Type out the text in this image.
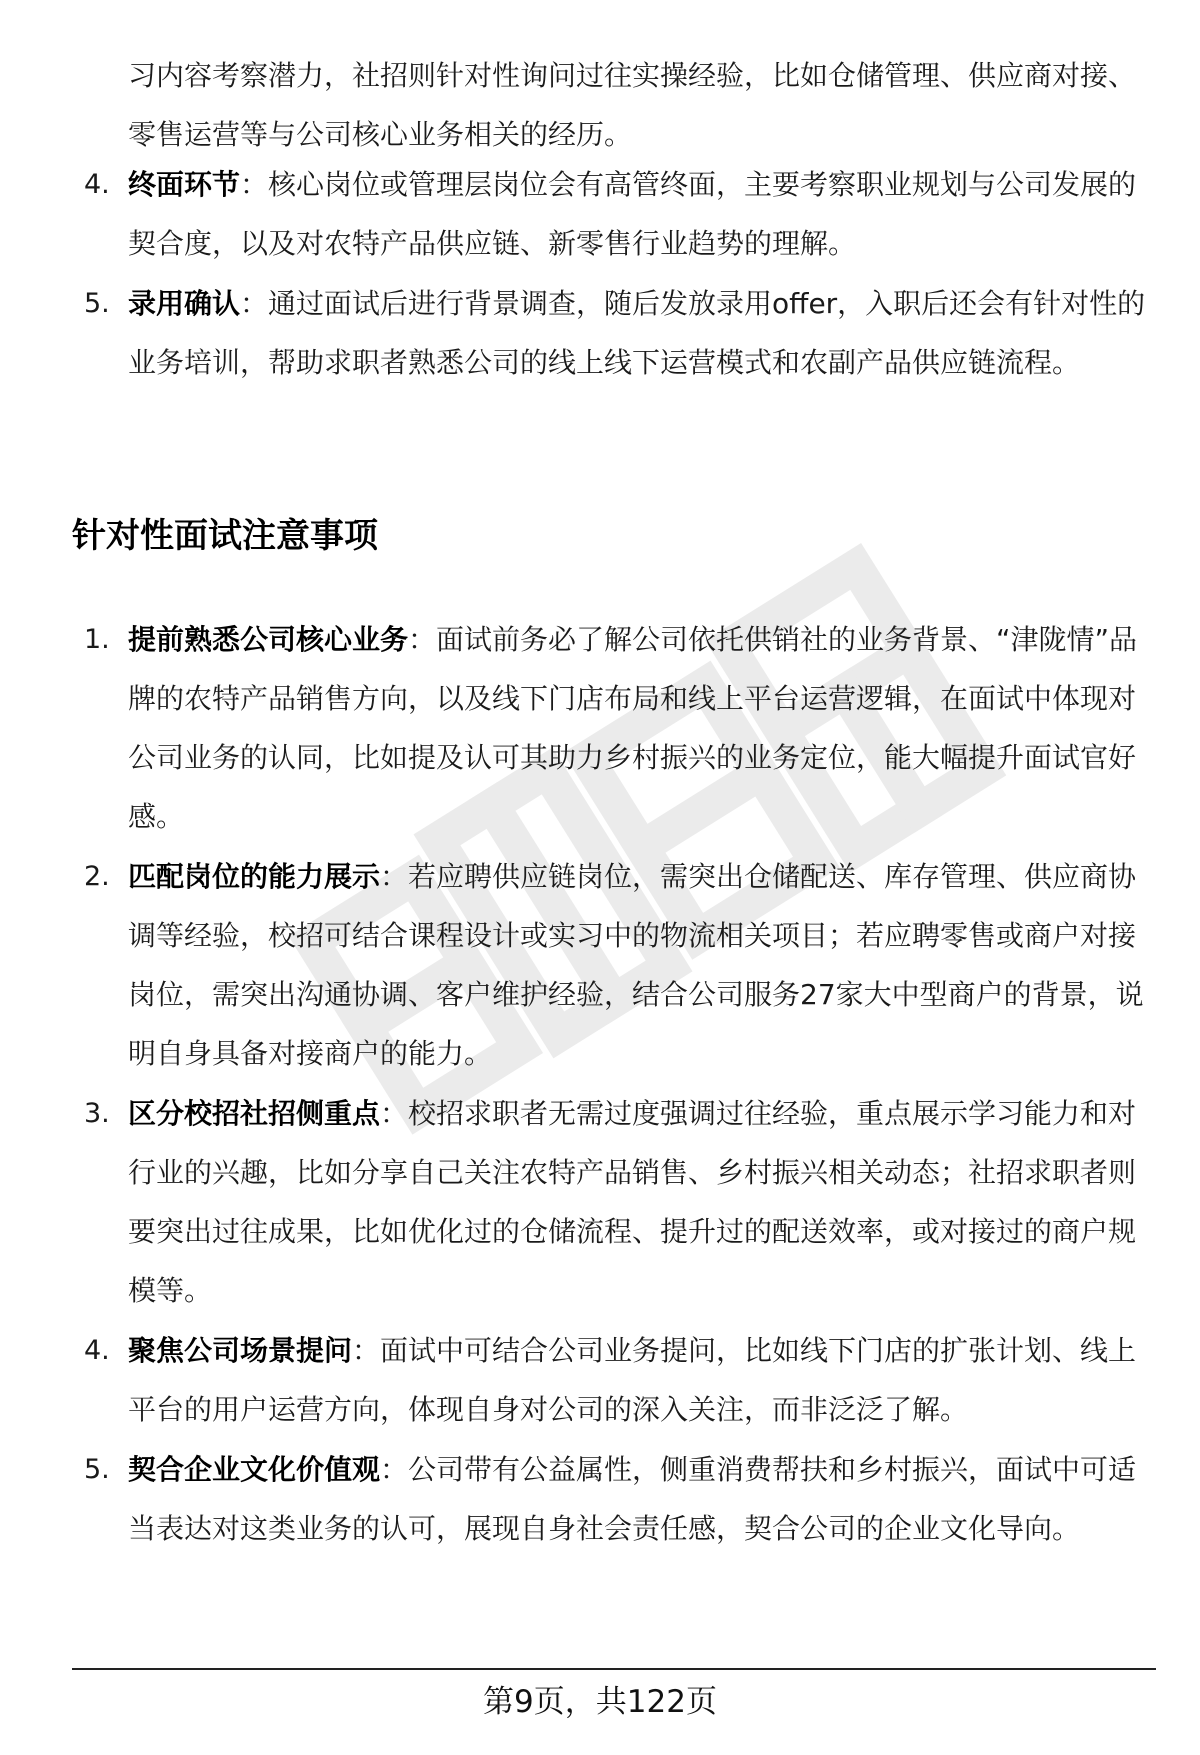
习内容考察潜力，社招则针对性询问过往实操经验，比如仓储管理、供应商对接、零售运营等与公司核心业务相关的经历。

4. 终面环节：核心岗位或管理层岗位会有高管终面，主要考察职业规划与公司发展的契合度，以及对农特产品供应链、新零售行业趋势的理解。
5. 录用确认：通过面试后进行背景调查，随后发放录用offer，入职后还会有针对性的业务培训，帮助求职者熟悉公司的线上线下运营模式和农副产品供应链流程。
针对性面试注意事项
1. 提前熟悉公司核心业务：面试前务必了解公司依托供销社的业务背景、“津陇情”品牌的农特产品销售方向，以及线下门店布局和线上平台运营逻辑，在面试中体现对公司业务的认同，比如提及认可其助力乡村振兴的业务定位，能大幅提升面试官好感。
2. 匹配岗位的能力展示：若应聘供应链岗位，需突出仓储配送、库存管理、供应商协调等经验，校招可结合课程设计或实习中的物流相关项目；若应聘零售或商户对接岗位，需突出沟通协调、客户维护经验，结合公司服务27家大中型商户的背景，说明自身具备对接商户的能力。
3. 区分校招社招侧重点：校招求职者无需过度强调过往经验，重点展示学习能力和对行业的兴趣，比如分享自己关注农特产品销售、乡村振兴相关动态；社招求职者则要突出过往成果，比如优化过的仓储流程、提升过的配送效率，或对接过的商户规模等。
4. 聚焦公司场景提问：面试中可结合公司业务提问，比如线下门店的扩张计划、线上平台的用户运营方向，体现自身对公司的深入关注，而非泛泛了解。
5. 契合企业文化价值观：公司带有公益属性，侧重消费帮扶和乡村振兴，面试中可适当表达对这类业务的认可，展现自身社会责任感，契合公司的企业文化导向。
第9页，共122页
